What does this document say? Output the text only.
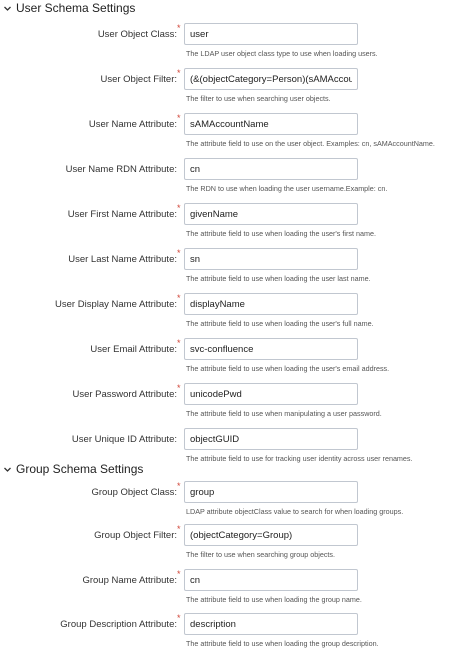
User Schema Settings
User Object Class:
*
user
The LDAP user object class type to use when loading users.
User Object Filter:
*
(&(objectCategory=Person)(sAMAccountName=*))
The filter to use when searching user objects.
User Name Attribute:
*
sAMAccountName
The attribute field to use on the user object. Examples: cn, sAMAccountName.
User Name RDN Attribute:
cn
The RDN to use when loading the user username.Example: cn.
User First Name Attribute:
*
givenName
The attribute field to use when loading the user's first name.
User Last Name Attribute:
*
sn
The attribute field to use when loading the user last name.
User Display Name Attribute:
*
displayName
The attribute field to use when loading the user's full name.
User Email Attribute:
*
svc-confluence
The attribute field to use when loading the user's email address.
User Password Attribute:
*
unicodePwd
The attribute field to use when manipulating a user password.
User Unique ID Attribute:
objectGUID
The attribute field to use for tracking user identity across user renames.
Group Schema Settings
Group Object Class:
*
group
LDAP attribute objectClass value to search for when loading groups.
Group Object Filter:
*
(objectCategory=Group)
The filter to use when searching group objects.
Group Name Attribute:
*
cn
The attribute field to use when loading the group name.
Group Description Attribute:
*
description
The attribute field to use when loading the group description.
